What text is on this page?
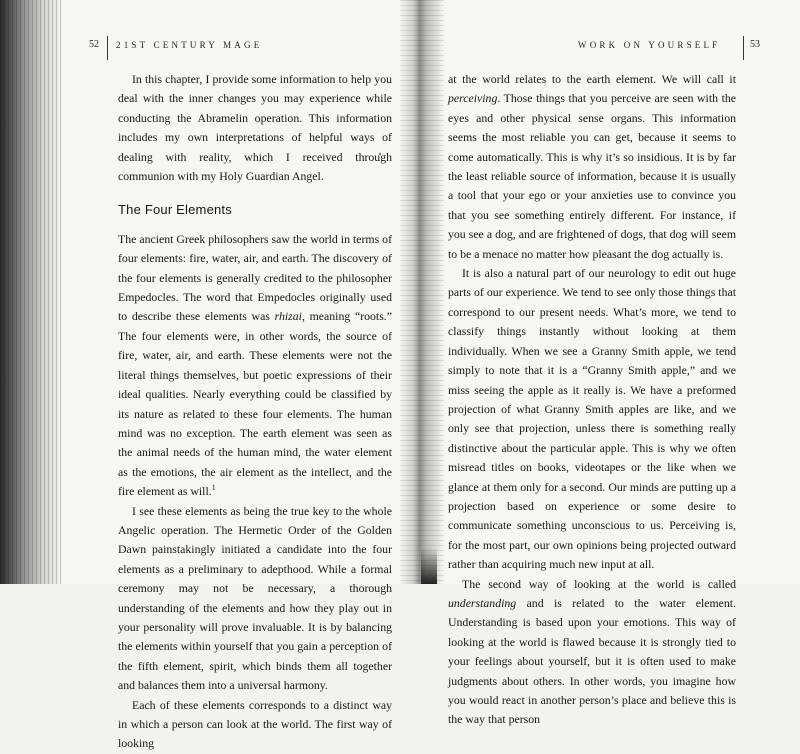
52 21ST CENTURY MAGE	WORK ON YOURSELF	53

In this chapter, I provide some information to help you deal with the inner changes you may experience while conducting the Abramelin operation. This information includes my own interpretations of helpful ways of dealing with reality, which I received through communion with my Holy Guardian Angel.

The Four Elements

The ancient Greek philosophers saw the world in terms of four elements: fire, water, air, and earth. The discovery of the four elements is generally credited to the philosopher Empedocles. The word that Empedocles originally used to describe these elements was rhizai, meaning “roots.” The four elements were, in other words, the source of fire, water, air, and earth. These elements were not the literal things themselves, but poetic expressions of their ideal qualities. Nearly everything could be classified by its nature as related to these four elements. The human mind was no exception. The earth element was seen as the animal needs of the human mind, the water element as the emotions, the air element as the intellect, and the fire element as will.$^1$

I see these elements as being the true key to the whole Angelic operation. The Hermetic Order of the Golden Dawn painstakingly initiated a candidate into the four elements as a preliminary to adepthood. While a formal ceremony may not be necessary, a thorough understanding of the elements and how they play out in your personality will prove invaluable. It is by balancing the elements within yourself that you gain a perception of the fifth element, spirit, which binds them all together and balances them into a universal harmony.

Each of these elements corresponds to a distinct way in which a person can look at the world. The first way of looking

at the world relates to the earth element. We will call it perceiving. Those things that you perceive are seen with the eyes and other physical sense organs. This information seems the most reliable you can get, because it seems to come automatically. This is why it’s so insidious. It is by far the least reliable source of information, because it is usually a tool that your ego or your anxieties use to convince you that you see something entirely different. For instance, if you see a dog, and are frightened of dogs, that dog will seem to be a menace no matter how pleasant the dog actually is.

It is also a natural part of our neurology to edit out huge parts of our experience. We tend to see only those things that correspond to our present needs. What’s more, we tend to classify things instantly without looking at them individually. When we see a Granny Smith apple, we tend simply to note that it is a “Granny Smith apple,” and we miss seeing the apple as it really is. We have a preformed projection of what Granny Smith apples are like, and we only see that projection, unless there is something really distinctive about the particular apple. This is why we often misread titles on books, videotapes or the like when we glance at them only for a second. Our minds are putting up a projection based on experience or some desire to communicate something unconscious to us. Perceiving is, for the most part, our own opinions being projected outward rather than acquiring much new input at all.

The second way of looking at the world is called understanding and is related to the water element. Understanding is based upon your emotions. This way of looking at the world is flawed because it is strongly tied to your feelings about yourself, but it is often used to make judgments about others. In other words, you imagine how you would react in another person’s place and believe this is the way that person
